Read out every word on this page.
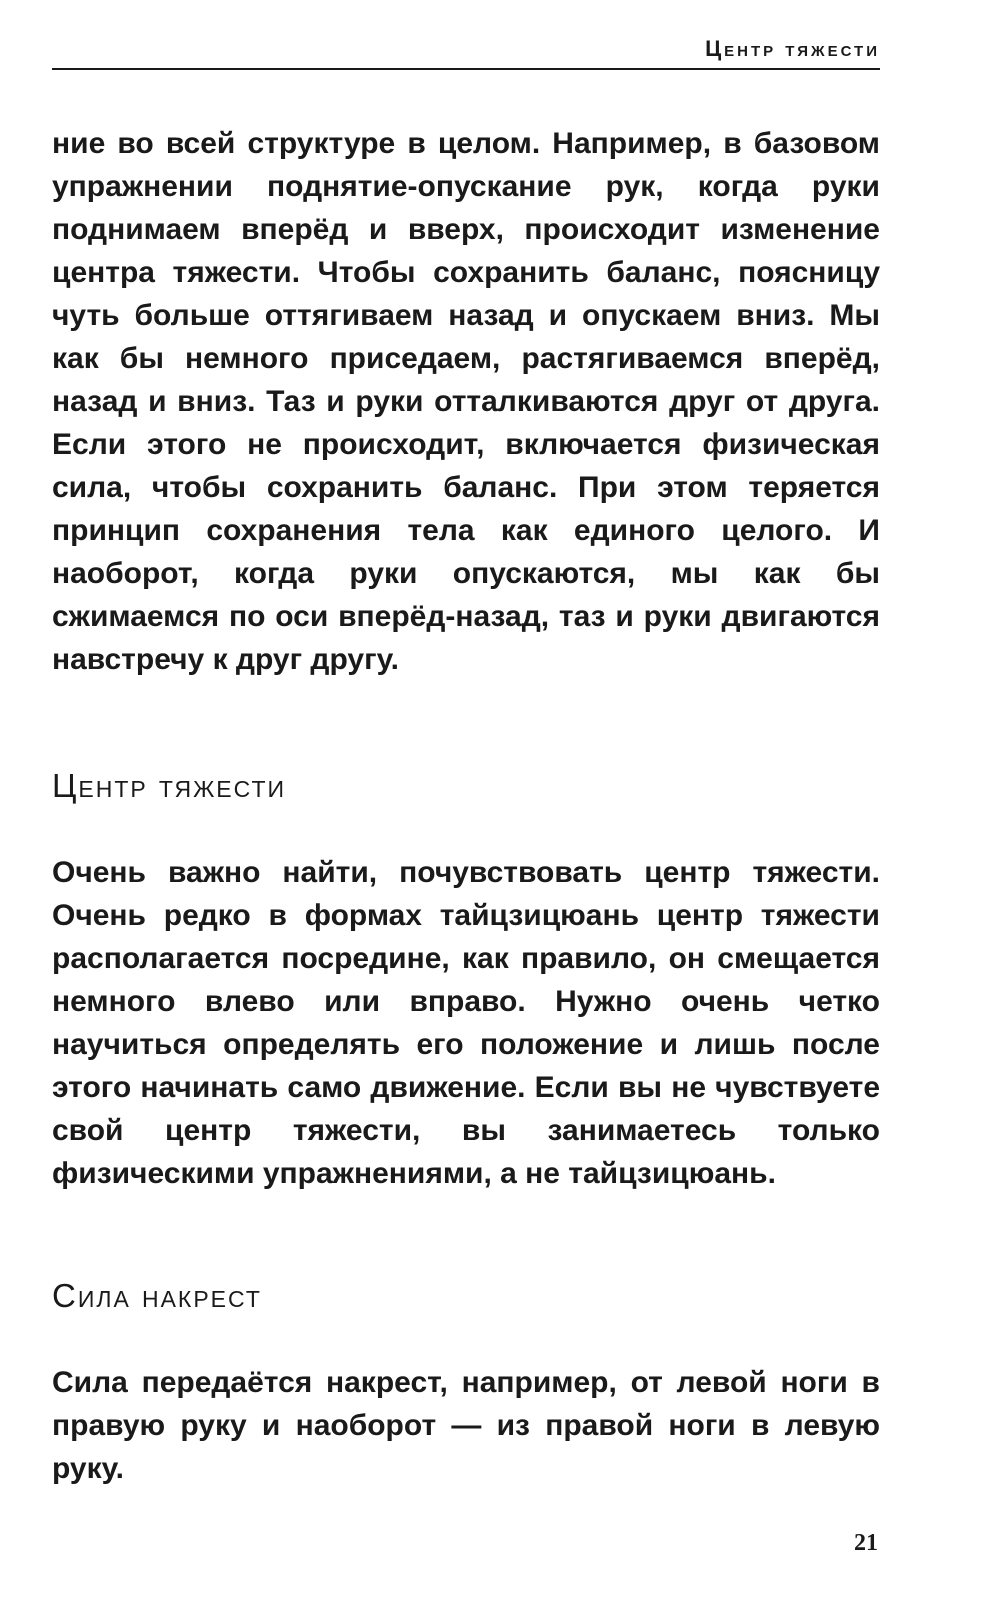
Центр тяжести

ние во всей структуре в целом. Например, в базовом упражнении поднятие-опускание рук, когда руки поднимаем вперёд и вверх, происходит изменение центра тяжести. Чтобы сохранить баланс, поясницу чуть больше оттягиваем назад и опускаем вниз. Мы как бы немного приседаем, растягиваемся вперёд, назад и вниз. Таз и руки отталкиваются друг от друга. Если этого не происходит, включается физическая сила, чтобы сохранить баланс. При этом теряется принцип сохранения тела как единого целого. И наоборот, когда руки опускаются, мы как бы сжимаемся по оси вперёд-назад, таз и руки двигаются навстречу к друг другу.

Центр тяжести

Очень важно найти, почувствовать центр тяжести. Очень редко в формах тайцзицюань центр тяжести располагается посредине, как правило, он смещается немного влево или вправо. Нужно очень четко научиться определять его положение и лишь после этого начинать само движение. Если вы не чувствуете свой центр тяжести, вы занимаетесь только физическими упражнениями, а не тайцзицюань.

Сила накрест

Сила передаётся накрест, например, от левой ноги в правую руку и наоборот — из правой ноги в левую руку.

21
